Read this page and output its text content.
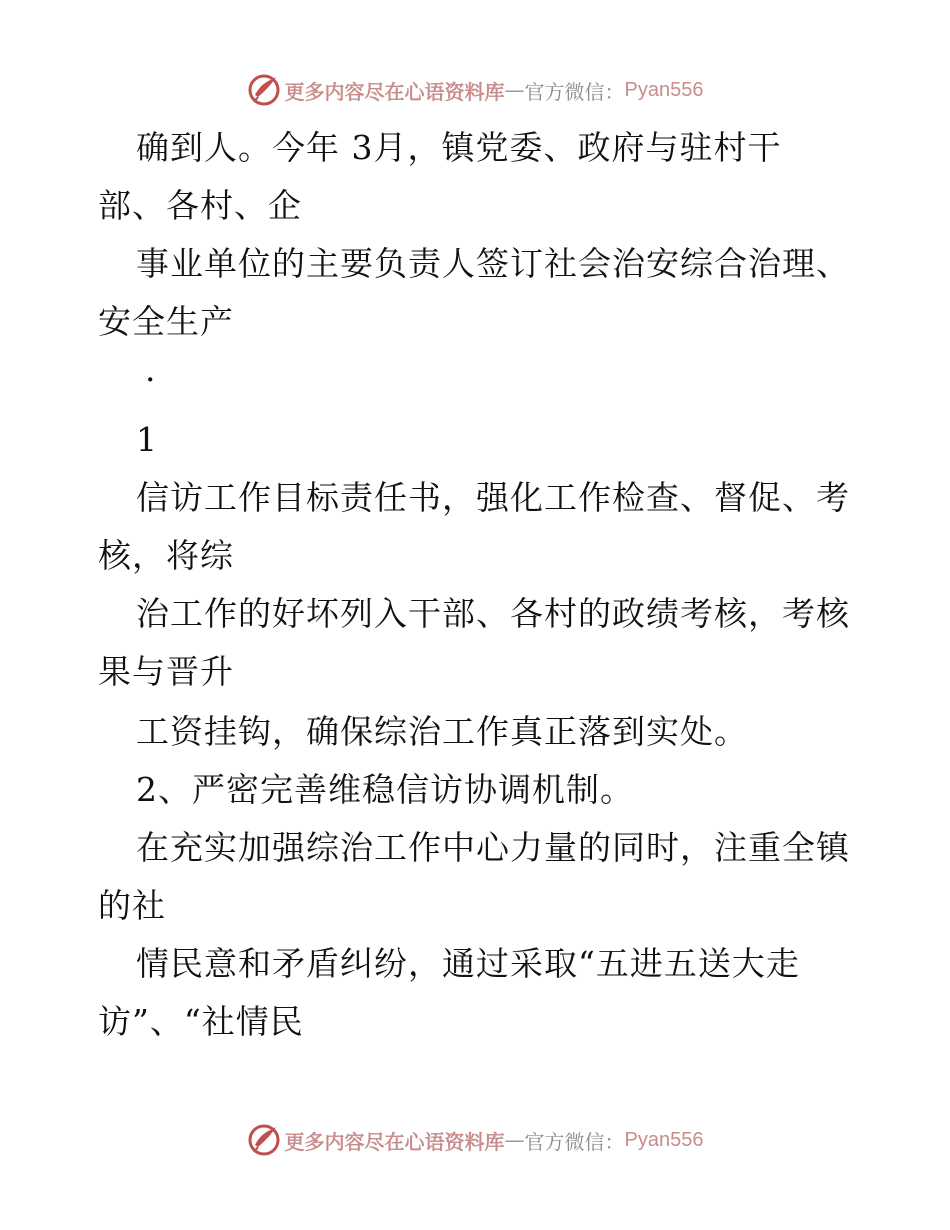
更多内容尽在心语资料库 — 官方微信： Pyan556
确到人。今年 3月，镇党委、政府与驻村干
部、各村、企
事业单位的主要负责人签订社会治安综合治理、
安全生产
·
1
信访工作目标责任书，强化工作检查、督促、考
核，将综
治工作的好坏列入干部、各村的政绩考核，考核
果与晋升
工资挂钩，确保综治工作真正落到实处。
2、严密完善维稳信访协调机制。
在充实加强综治工作中心力量的同时，注重全镇
的社
情民意和矛盾纠纷，通过采取“五进五送大走
访”、“社情民
更多内容尽在心语资料库 — 官方微信： Pyan556
